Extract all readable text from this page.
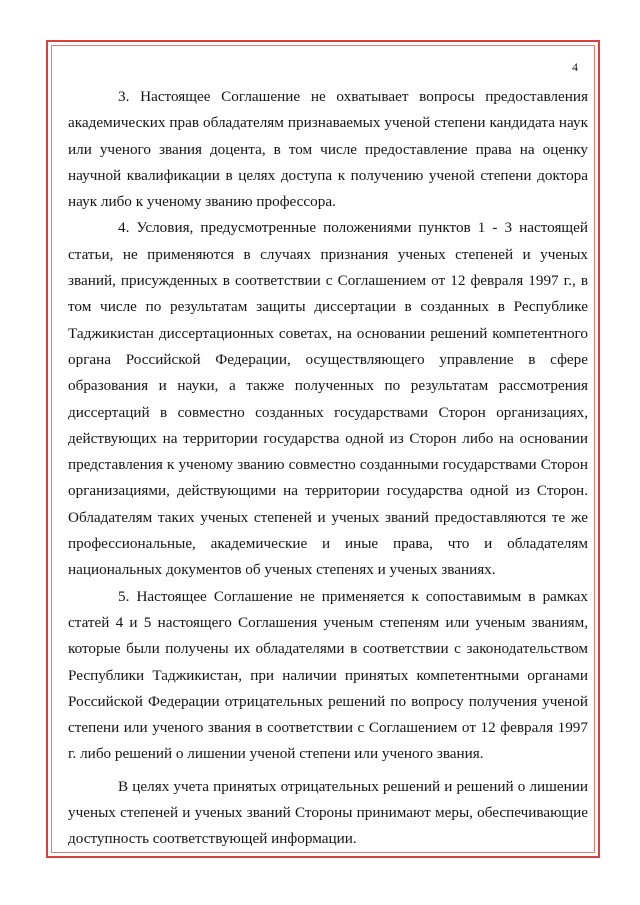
4

3. Настоящее Соглашение не охватывает вопросы предоставления академических прав обладателям признаваемых ученой степени кандидата наук или ученого звания доцента, в том числе предоставление права на оценку научной квалификации в целях доступа к получению ученой степени доктора наук либо к ученому званию профессора.

4. Условия, предусмотренные положениями пунктов 1 - 3 настоящей статьи, не применяются в случаях признания ученых степеней и ученых званий, присужденных в соответствии с Соглашением от 12 февраля 1997 г., в том числе по результатам защиты диссертации в созданных в Республике Таджикистан диссертационных советах, на основании решений компетентного органа Российской Федерации, осуществляющего управление в сфере образования и науки, а также полученных по результатам рассмотрения диссертаций в совместно созданных государствами Сторон организациях, действующих на территории государства одной из Сторон либо на основании представления к ученому званию совместно созданными государствами Сторон организациями, действующими на территории государства одной из Сторон. Обладателям таких ученых степеней и ученых званий предоставляются те же профессиональные, академические и иные права, что и обладателям национальных документов об ученых степенях и ученых званиях.

5. Настоящее Соглашение не применяется к сопоставимым в рамках статей 4 и 5 настоящего Соглашения ученым степеням или ученым званиям, которые были получены их обладателями в соответствии с законодательством Республики Таджикистан, при наличии принятых компетентными органами Российской Федерации отрицательных решений по вопросу получения ученой степени или ученого звания в соответствии с Соглашением от 12 февраля 1997 г. либо решений о лишении ученой степени или ученого звания.

В целях учета принятых отрицательных решений и решений о лишении ученых степеней и ученых званий Стороны принимают меры, обеспечивающие доступность соответствующей информации.
